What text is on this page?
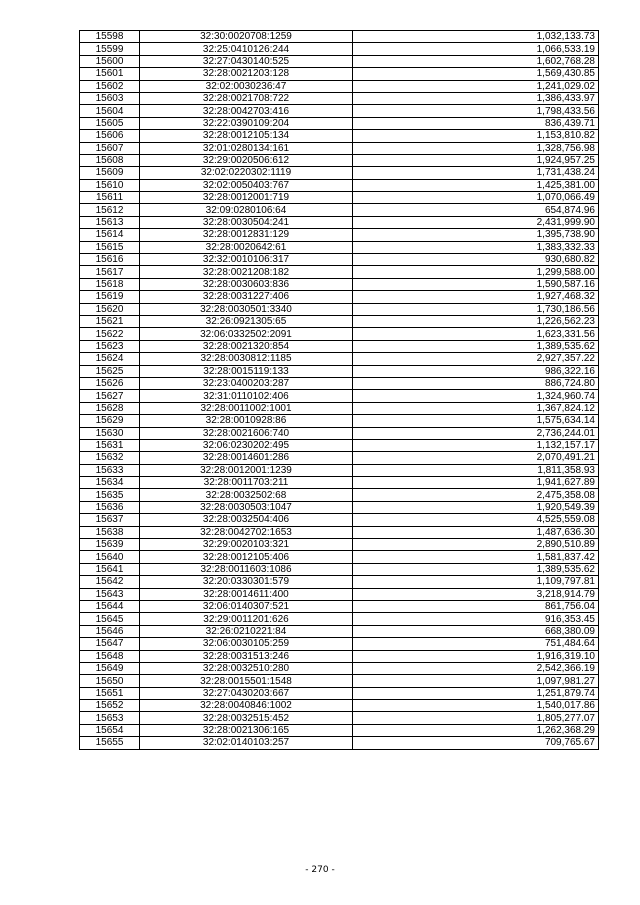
15598	32:30:0020708:1259	1,032,133.73
15599	32:25:0410126:244	1,066,533.19
15600	32:27:0430140:525	1,602,768.28
15601	32:28:0021203:128	1,569,430.85
15602	32:02:0030236:47	1,241,029.02
15603	32:28:0021708:722	1,386,433.97
15604	32:28:0042703:416	1,798,433.56
15605	32:22:0390109:204	836,439.71
15606	32:28:0012105:134	1,153,810.82
15607	32:01:0280134:161	1,328,756.98
15608	32:29:0020506:612	1,924,957.25
15609	32:02:0220302:1119	1,731,438.24
15610	32:02:0050403:767	1,425,381.00
15611	32:28:0012001:719	1,070,066.49
15612	32:09:0280106:64	654,874.96
15613	32:28:0030504:241	2,431,999.90
15614	32:28:0012831:129	1,395,738.90
15615	32:28:0020642:61	1,383,332.33
15616	32:32:0010106:317	930,680.82
15617	32:28:0021208:182	1,299,588.00
15618	32:28:0030603:836	1,590,587.16
15619	32:28:0031227:406	1,927,468.32
15620	32:28:0030501:3340	1,730,186.56
15621	32:26:0921305:65	1,226,562.23
15622	32:06:0332502:2091	1,623,331.56
15623	32:28:0021320:854	1,389,535.62
15624	32:28:0030812:1185	2,927,357.22
15625	32:28:0015119:133	986,322.16
15626	32:23:0400203:287	886,724.80
15627	32:31:0110102:406	1,324,960.74
15628	32:28:0011002:1001	1,367,824.12
15629	32:28:0010928:86	1,575,634.14
15630	32:28:0021606:740	2,736,244.01
15631	32:06:0230202:495	1,132,157.17
15632	32:28:0014601:286	2,070,491.21
15633	32:28:0012001:1239	1,811,358.93
15634	32:28:0011703:211	1,941,627.89
15635	32:28:0032502:68	2,475,358.08
15636	32:28:0030503:1047	1,920,549.39
15637	32:28:0032504:406	4,525,559.08
15638	32:28:0042702:1653	1,487,636.30
15639	32:29:0020103:321	2,890,510.89
15640	32:28:0012105:406	1,581,837.42
15641	32:28:0011603:1086	1,389,535.62
15642	32:20:0330301:579	1,109,797.81
15643	32:28:0014611:400	3,218,914.79
15644	32:06:0140307:521	861,756.04
15645	32:29:0011201:626	916,353.45
15646	32:26:0210221:84	668,380.09
15647	32:06:0030105:259	751,484.64
15648	32:28:0031513:246	1,916,319.10
15649	32:28:0032510:280	2,542,366.19
15650	32:28:0015501:1548	1,097,981.27
15651	32:27:0430203:667	1,251,879.74
15652	32:28:0040846:1002	1,540,017.86
15653	32:28:0032515:452	1,805,277.07
15654	32:28:0021306:165	1,262,368.29
15655	32:02:0140103:257	709,765.67
- 270 -
